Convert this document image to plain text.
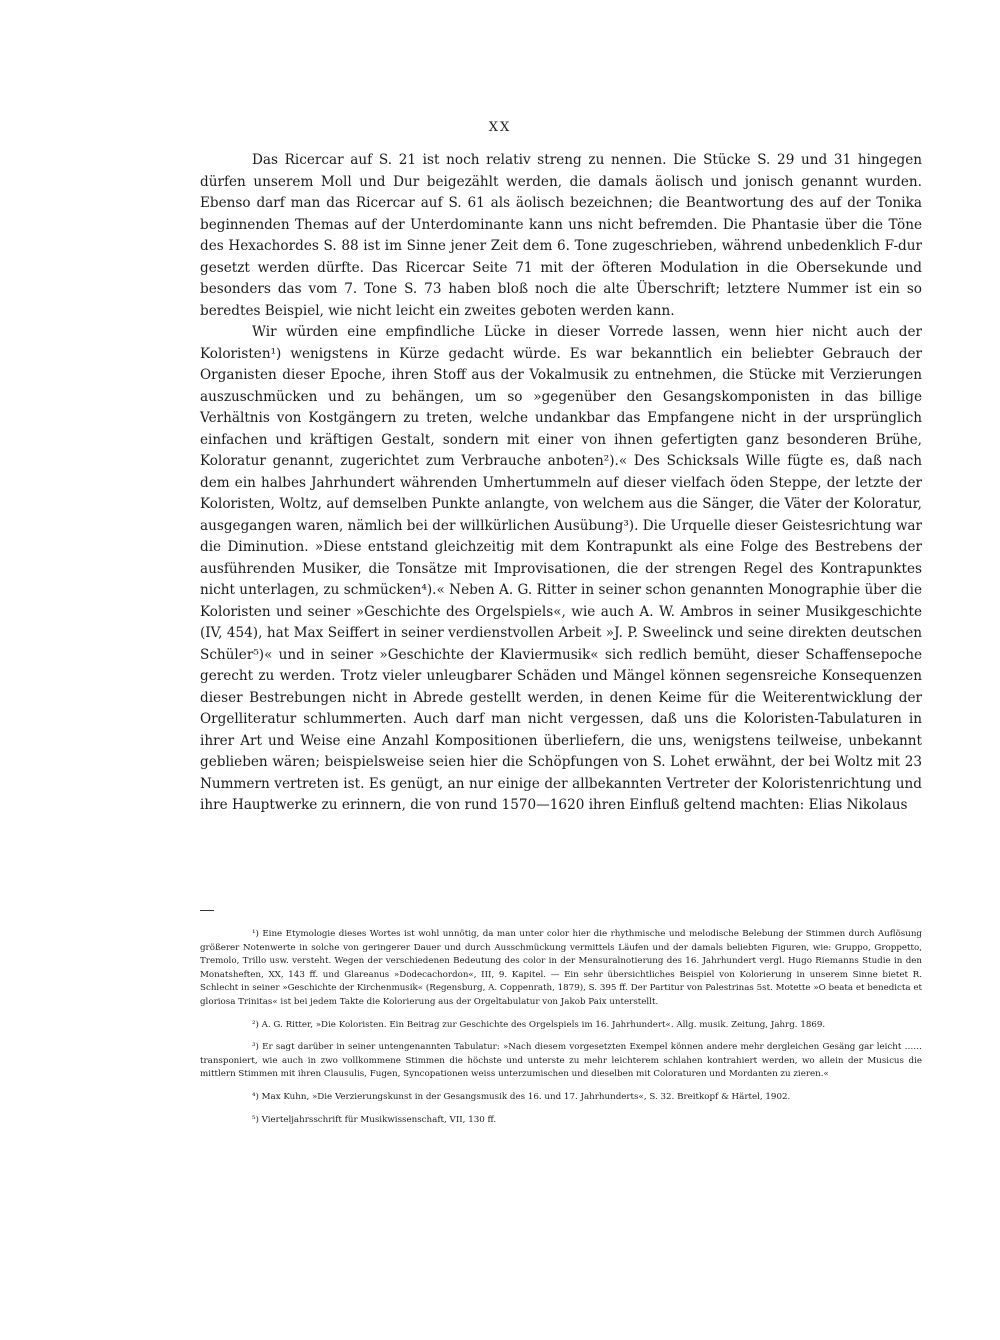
XX

Das Ricercar auf S. 21 ist noch relativ streng zu nennen. Die Stücke S. 29 und 31 hingegen dürfen unserem Moll und Dur beigezählt werden, die damals äolisch und jonisch genannt wurden. Ebenso darf man das Ricercar auf S. 61 als äolisch bezeichnen; die Beantwortung des auf der Tonika beginnenden Themas auf der Unterdominante kann uns nicht befremden. Die Phantasie über die Töne des Hexachordes S. 88 ist im Sinne jener Zeit dem 6. Tone zugeschrieben, während unbedenklich F-dur gesetzt werden dürfte. Das Ricercar Seite 71 mit der öfteren Modulation in die Obersekunde und besonders das vom 7. Tone S. 73 haben bloß noch die alte Überschrift; letztere Nummer ist ein so beredtes Beispiel, wie nicht leicht ein zweites geboten werden kann.

Wir würden eine empfindliche Lücke in dieser Vorrede lassen, wenn hier nicht auch der Koloristen¹) wenigstens in Kürze gedacht würde. Es war bekanntlich ein beliebter Gebrauch der Organisten dieser Epoche, ihren Stoff aus der Vokalmusik zu entnehmen, die Stücke mit Verzierungen auszuschmücken und zu behängen, um so »gegenüber den Gesangskomponisten in das billige Verhältnis von Kostgängern zu treten, welche undankbar das Empfangene nicht in der ursprünglich einfachen und kräftigen Gestalt, sondern mit einer von ihnen gefertigten ganz besonderen Brühe, Koloratur genannt, zugerichtet zum Verbrauche anboten²).« Des Schicksals Wille fügte es, daß nach dem ein halbes Jahrhundert währenden Umhertummeln auf dieser vielfach öden Steppe, der letzte der Koloristen, Woltz, auf demselben Punkte anlangte, von welchem aus die Sänger, die Väter der Koloratur, ausgegangen waren, nämlich bei der willkürlichen Ausübung³). Die Urquelle dieser Geistesrichtung war die Diminution. »Diese entstand gleichzeitig mit dem Kontrapunkt als eine Folge des Bestrebens der ausführenden Musiker, die Tonsätze mit Improvisationen, die der strengen Regel des Kontrapunktes nicht unterlagen, zu schmücken⁴).« Neben A. G. Ritter in seiner schon genannten Monographie über die Koloristen und seiner »Geschichte des Orgelspiels«, wie auch A. W. Ambros in seiner Musikgeschichte (IV, 454), hat Max Seiffert in seiner verdienstvollen Arbeit »J. P. Sweelinck und seine direkten deutschen Schüler⁵)« und in seiner »Geschichte der Klaviermusik« sich redlich bemüht, dieser Schaffensepoche gerecht zu werden. Trotz vieler unleugbarer Schäden und Mängel können segensreiche Konsequenzen dieser Bestrebungen nicht in Abrede gestellt werden, in denen Keime für die Weiterentwicklung der Orgelliteratur schlummerten. Auch darf man nicht vergessen, daß uns die Koloristen-Tabulaturen in ihrer Art und Weise eine Anzahl Kompositionen überliefern, die uns, wenigstens teilweise, unbekannt geblieben wären; beispielsweise seien hier die Schöpfungen von S. Lohet erwähnt, der bei Woltz mit 23 Nummern vertreten ist. Es genügt, an nur einige der allbekannten Vertreter der Koloristenrichtung und ihre Hauptwerke zu erinnern, die von rund 1570—1620 ihren Einfluß geltend machten: Elias Nikolaus

¹) Eine Etymologie dieses Wortes ist wohl unnötig, da man unter color hier die rhythmische und melodische Belebung der Stimmen durch Auflösung größerer Notenwerte in solche von geringerer Dauer und durch Ausschmückung vermittels Läufen und der damals beliebten Figuren, wie: Gruppo, Groppetto, Tremolo, Trillo usw. versteht. Wegen der verschiedenen Bedeutung des color in der Mensuralnotierung des 16. Jahrhundert vergl. Hugo Riemanns Studie in den Monatsheften, XX, 143 ff. und Glareanus »Dodecachordon«, III, 9. Kapitel. — Ein sehr übersichtliches Beispiel von Kolorierung in unserem Sinne bietet R. Schlecht in seiner »Geschichte der Kirchenmusik« (Regensburg, A. Coppenrath, 1879), S. 395 ff. Der Partitur von Palestrinas 5st. Motette »O beata et benedicta et gloriosa Trinitas« ist bei jedem Takte die Kolorierung aus der Orgeltabulatur von Jakob Paix unterstellt.

²) A. G. Ritter, »Die Koloristen. Ein Beitrag zur Geschichte des Orgelspiels im 16. Jahrhundert«. Allg. musik. Zeitung, Jahrg. 1869.

³) Er sagt darüber in seiner untengenannten Tabulatur: »Nach diesem vorgesetzten Exempel können andere mehr dergleichen Gesäng gar leicht …… transponiert, wie auch in zwo vollkommene Stimmen die höchste und unterste zu mehr leichterem schlahen kontrahiert werden, wo allein der Musicus die mittlern Stimmen mit ihren Clausulis, Fugen, Syncopationen weiss unterzumischen und dieselben mit Coloraturen und Mordanten zu zieren.«

⁴) Max Kuhn, »Die Verzierungskunst in der Gesangsmusik des 16. und 17. Jahrhunderts«, S. 32. Breitkopf & Härtel, 1902.

⁵) Vierteljahrsschrift für Musikwissenschaft, VII, 130 ff.
